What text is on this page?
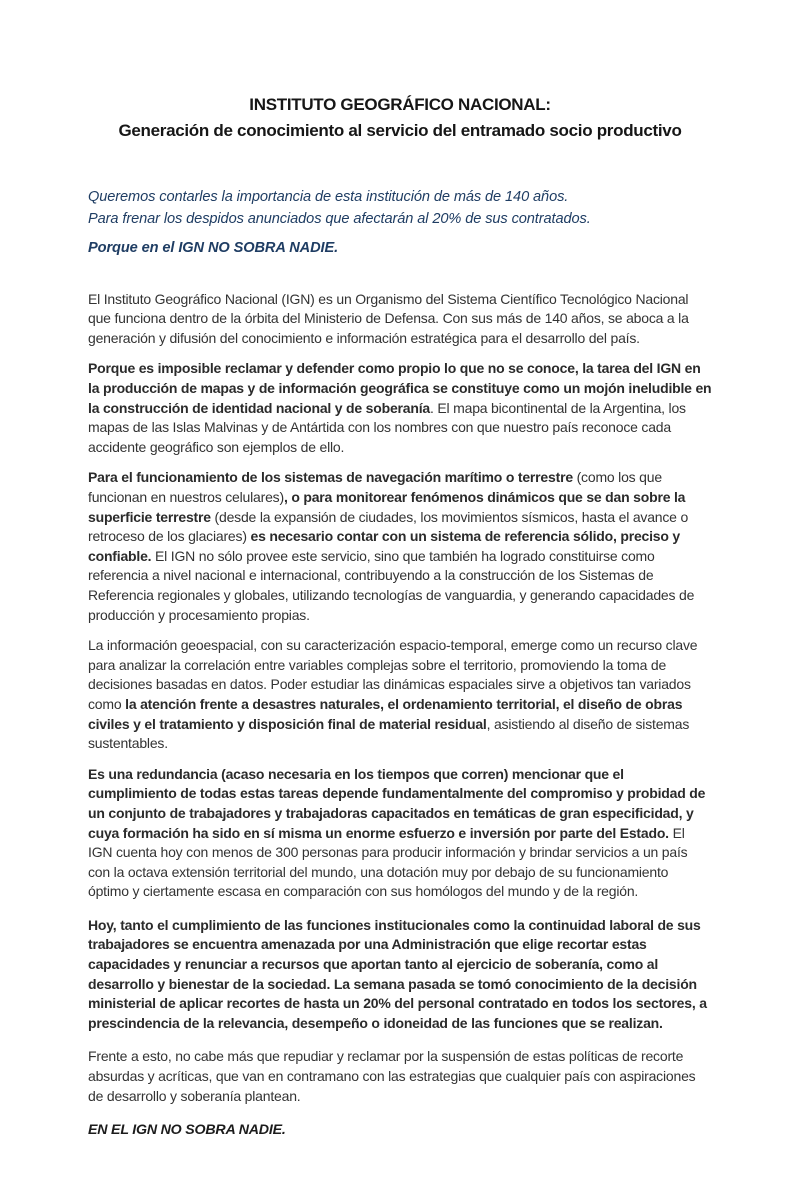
INSTITUTO GEOGRÁFICO NACIONAL:
Generación de conocimiento al servicio del entramado socio productivo

Queremos contarles la importancia de esta institución de más de 140 años.

Para frenar los despidos anunciados que afectarán al 20% de sus contratados.

Porque en el IGN NO SOBRA NADIE.

El Instituto Geográfico Nacional (IGN) es un Organismo del Sistema Científico Tecnológico Nacional que funciona dentro de la órbita del Ministerio de Defensa. Con sus más de 140 años, se aboca a la generación y difusión del conocimiento e información estratégica para el desarrollo del país.

Porque es imposible reclamar y defender como propio lo que no se conoce, la tarea del IGN en la producción de mapas y de información geográfica se constituye como un mojón ineludible en la construcción de identidad nacional y de soberanía. El mapa bicontinental de la Argentina, los mapas de las Islas Malvinas y de Antártida con los nombres con que nuestro país reconoce cada accidente geográfico son ejemplos de ello.

Para el funcionamiento de los sistemas de navegación marítimo o terrestre (como los que funcionan en nuestros celulares), o para monitorear fenómenos dinámicos que se dan sobre la superficie terrestre (desde la expansión de ciudades, los movimientos sísmicos, hasta el avance o retroceso de los glaciares) es necesario contar con un sistema de referencia sólido, preciso y confiable. El IGN no sólo provee este servicio, sino que también ha logrado constituirse como referencia a nivel nacional e internacional, contribuyendo a la construcción de los Sistemas de Referencia regionales y globales, utilizando tecnologías de vanguardia, y generando capacidades de producción y procesamiento propias.

La información geoespacial, con su caracterización espacio-temporal, emerge como un recurso clave para analizar la correlación entre variables complejas sobre el territorio, promoviendo la toma de decisiones basadas en datos. Poder estudiar las dinámicas espaciales sirve a objetivos tan variados como la atención frente a desastres naturales, el ordenamiento territorial, el diseño de obras civiles y el tratamiento y disposición final de material residual, asistiendo al diseño de sistemas sustentables.

Es una redundancia (acaso necesaria en los tiempos que corren) mencionar que el cumplimiento de todas estas tareas depende fundamentalmente del compromiso y probidad de un conjunto de trabajadores y trabajadoras capacitados en temáticas de gran especificidad, y cuya formación ha sido en sí misma un enorme esfuerzo e inversión por parte del Estado. El IGN cuenta hoy con menos de 300 personas para producir información y brindar servicios a un país con la octava extensión territorial del mundo, una dotación muy por debajo de su funcionamiento óptimo y ciertamente escasa en comparación con sus homólogos del mundo y de la región.

Hoy, tanto el cumplimiento de las funciones institucionales como la continuidad laboral de sus trabajadores se encuentra amenazada por una Administración que elige recortar estas capacidades y renunciar a recursos que aportan tanto al ejercicio de soberanía, como al desarrollo y bienestar de la sociedad. La semana pasada se tomó conocimiento de la decisión ministerial de aplicar recortes de hasta un 20% del personal contratado en todos los sectores, a prescindencia de la relevancia, desempeño o idoneidad de las funciones que se realizan.

Frente a esto, no cabe más que repudiar y reclamar por la suspensión de estas políticas de recorte absurdas y acríticas, que van en contramano con las estrategias que cualquier país con aspiraciones de desarrollo y soberanía plantean.

EN EL IGN NO SOBRA NADIE.
